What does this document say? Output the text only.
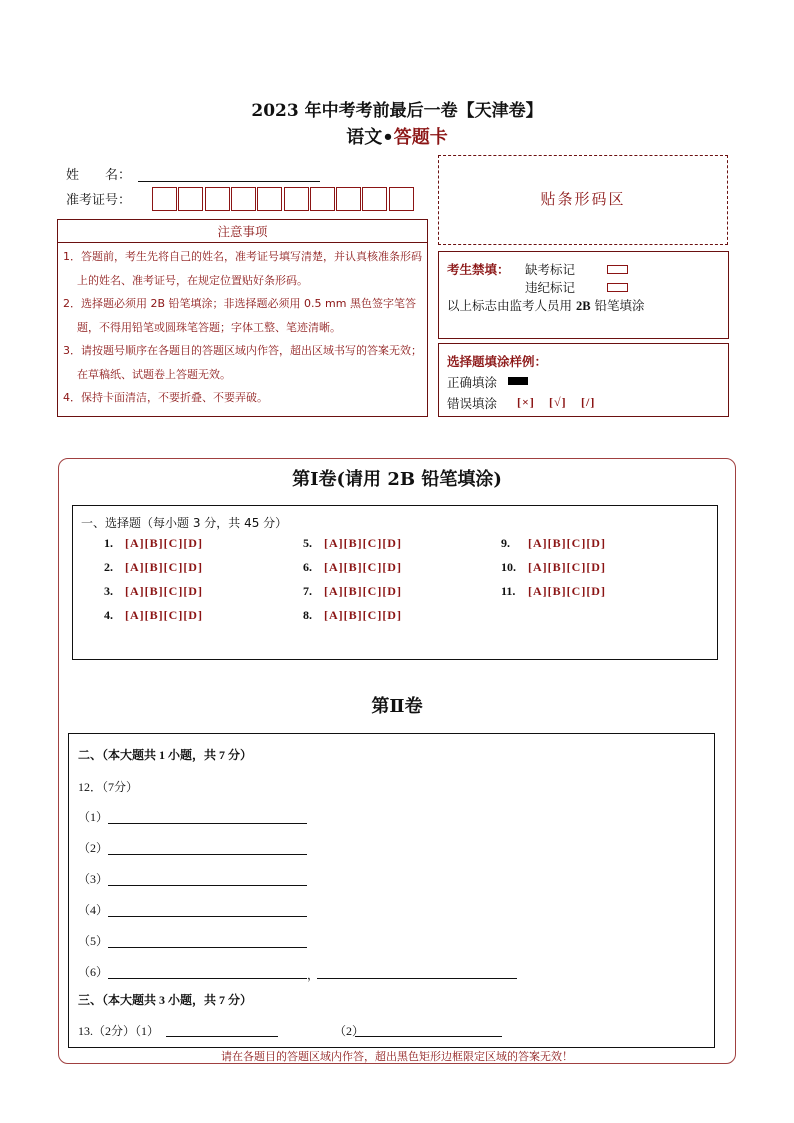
2023 年中考考前最后一卷【天津卷】
语文•答题卡
姓　　名：
准考证号：
注意事项
1．答题前，考生先将自己的姓名，准考证号填写清楚，并认真核准条形码上的姓名、准考证号，在规定位置贴好条形码。
2．选择题必须用 2B 铅笔填涂；非选择题必须用 0.5 mm 黑色签字笔答题，不得用铅笔或圆珠笔答题；字体工整、笔迹清晰。
3．请按题号顺序在各题目的答题区域内作答，超出区域书写的答案无效；在草稿纸、试题卷上答题无效。
4．保持卡面清洁，不要折叠、不要弄破。
贴条形码区
考生禁填： 缺考标记
违纪标记
以上标志由监考人员用 2B 铅笔填涂
选择题填涂样例：
正确填涂
错误填涂 [×] [√] [/]
第Ⅰ卷(请用 2B 铅笔填涂)
一、选择题（每小题 3 分，共 45 分）
1. [A][B][C][D]
2. [A][B][C][D]
3. [A][B][C][D]
4. [A][B][C][D]
5. [A][B][C][D]
6. [A][B][C][D]
7. [A][B][C][D]
8. [A][B][C][D]
9. [A][B][C][D]
10. [A][B][C][D]
11. [A][B][C][D]
第Ⅱ卷
二、（本大题共 1 小题，共 7 分）
12．（7分）
（1）
（2）
（3）
（4）
（5）
（6）	，
三、（本大题共 3 小题，共 7 分）
13.（2分）（1）	（2）
请在各题目的答题区域内作答，超出黑色矩形边框限定区域的答案无效！
